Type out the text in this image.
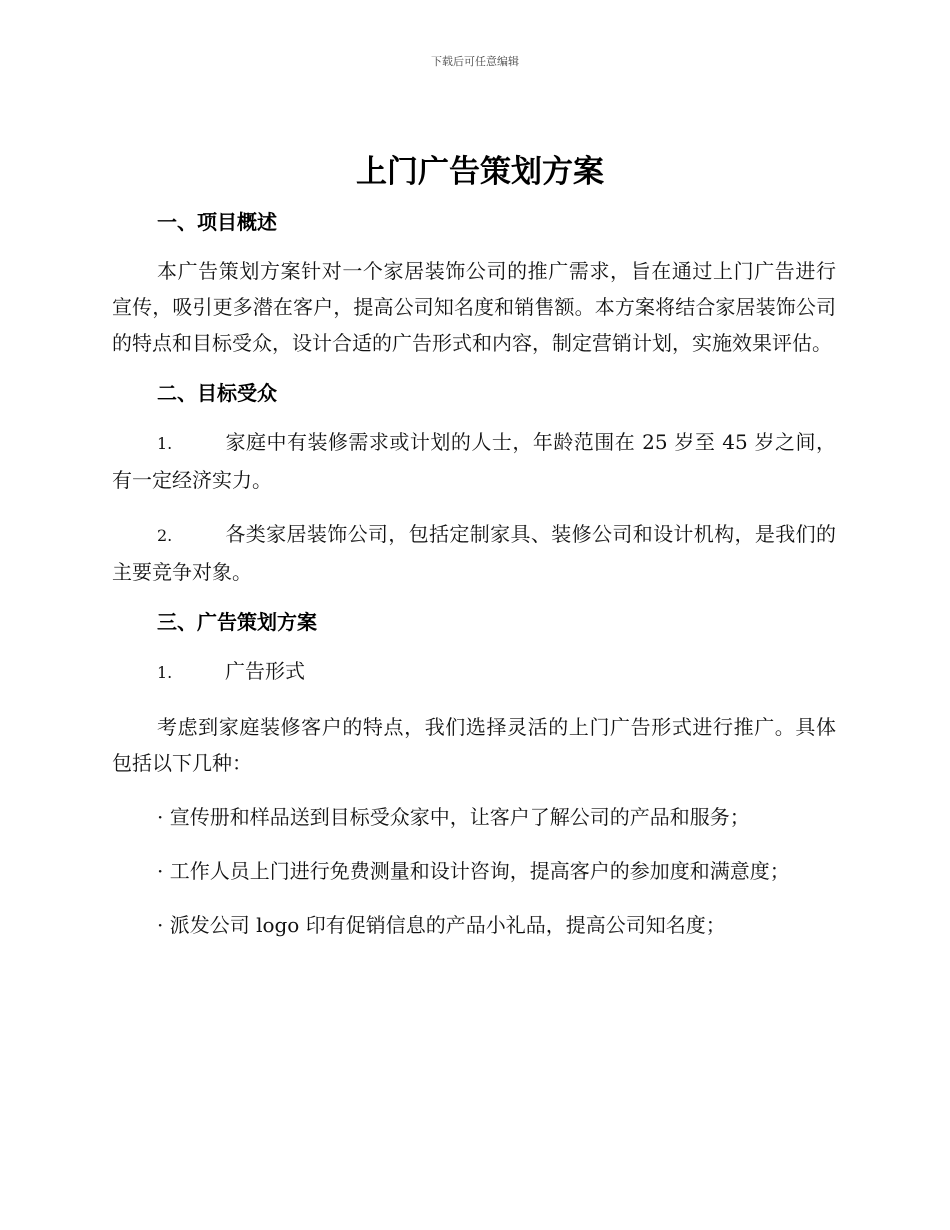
下载后可任意编辑
上门广告策划方案
一、项目概述

本广告策划方案针对一个家居装饰公司的推广需求，旨在通过上门广告进行宣传，吸引更多潜在客户，提高公司知名度和销售额。本方案将结合家居装饰公司的特点和目标受众，设计合适的广告形式和内容，制定营销计划，实施效果评估。

二、目标受众

1.	家庭中有装修需求或计划的人士，年龄范围在 25 岁至 45 岁之间，有一定经济实力。

2.	各类家居装饰公司，包括定制家具、装修公司和设计机构，是我们的主要竞争对象。

三、广告策划方案

1.	广告形式

考虑到家庭装修客户的特点，我们选择灵活的上门广告形式进行推广。具体包括以下几种：

· 宣传册和样品送到目标受众家中，让客户了解公司的产品和服务；

· 工作人员上门进行免费测量和设计咨询，提高客户的参加度和满意度；

· 派发公司 logo 印有促销信息的产品小礼品，提高公司知名度；
